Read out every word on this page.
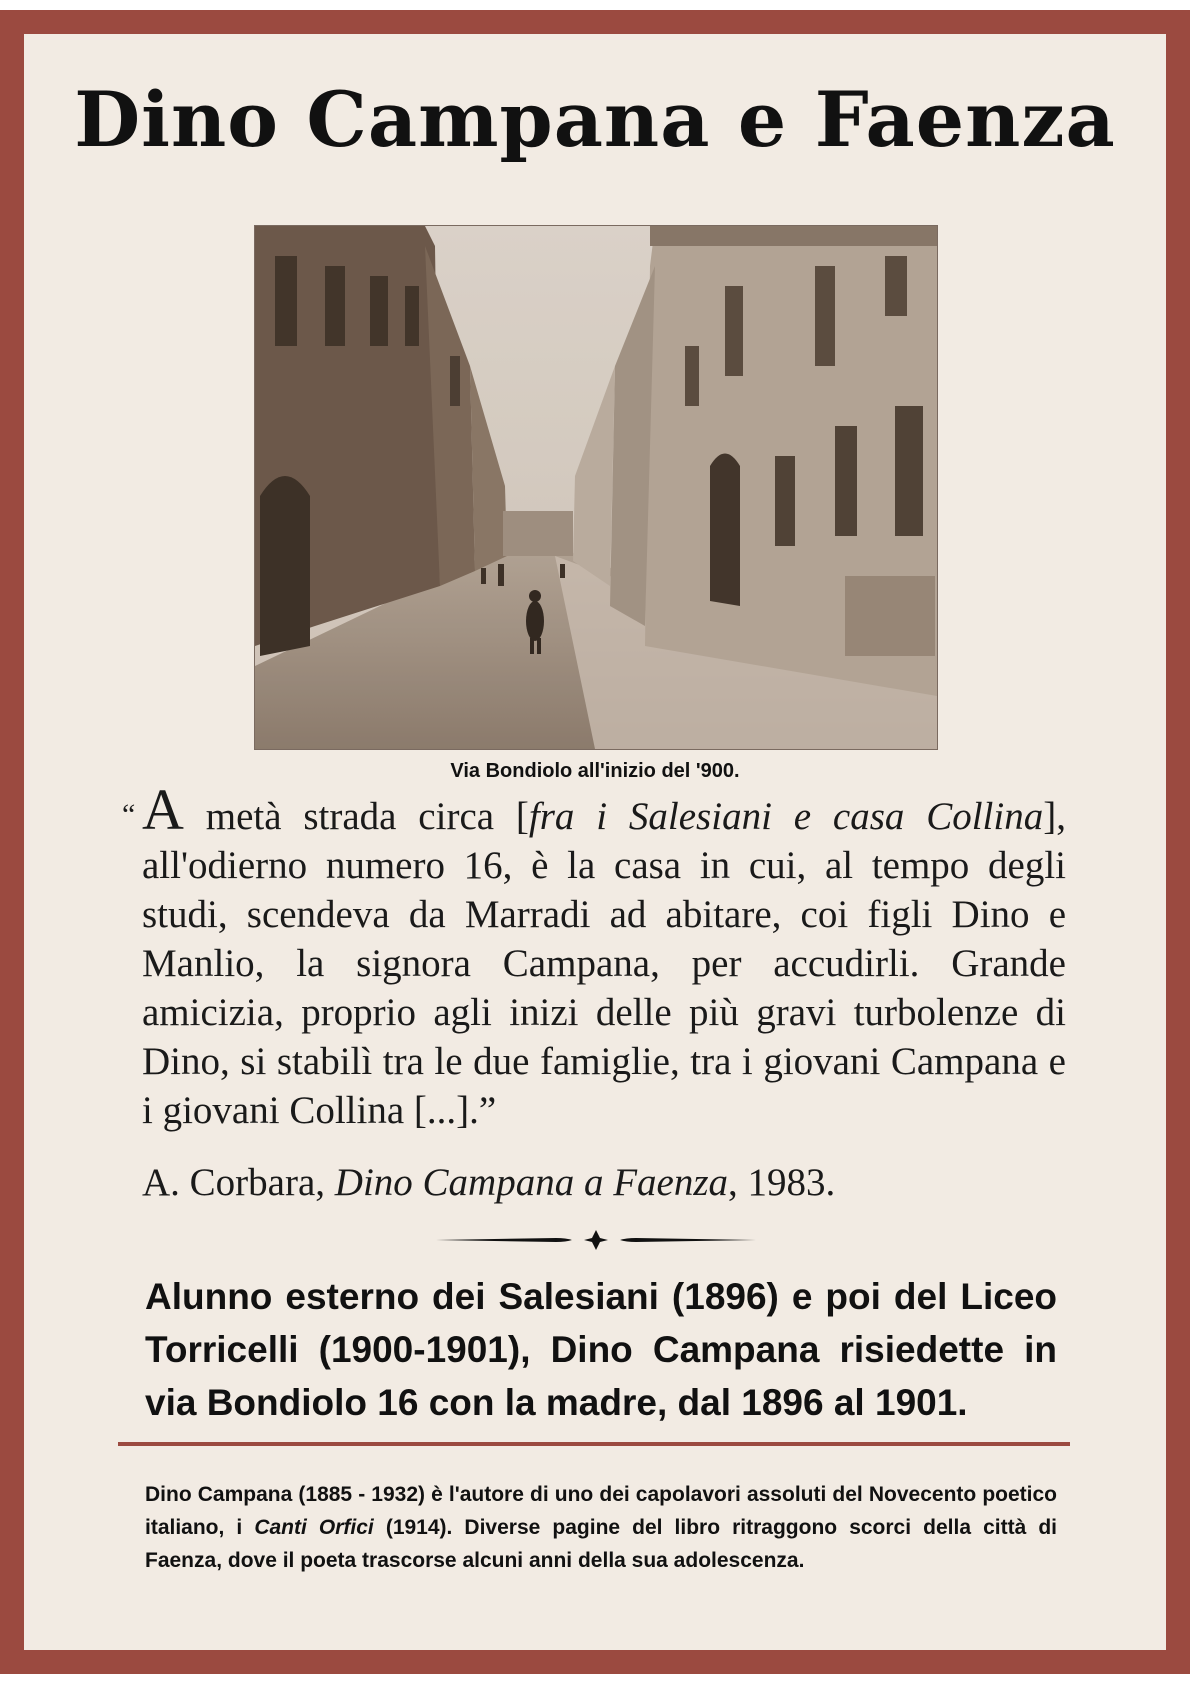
Dino Campana e Faenza
Via Bondiolo all'inizio del '900.
“ A metà strada circa [fra i Salesiani e casa Collina], all'odierno numero 16, è la casa in cui, al tempo degli studi, scendeva da Marradi ad abitare, coi figli Dino e Manlio, la signora Campana, per accudirli. Grande amicizia, proprio agli inizi delle più gravi turbolenze di Dino, si stabilì tra le due famiglie, tra i giovani Campana e i giovani Collina [...].”
A. Corbara, Dino Campana a Faenza, 1983.
Alunno esterno dei Salesiani (1896) e poi del Liceo Torricelli (1900-1901), Dino Campana risiedette in via Bondiolo 16 con la madre, dal 1896 al 1901.
Dino Campana (1885 - 1932) è l'autore di uno dei capolavori assoluti del Novecento poetico italiano, i Canti Orfici (1914). Diverse pagine del libro ritraggono scorci della città di Faenza, dove il poeta trascorse alcuni anni della sua adolescenza.
